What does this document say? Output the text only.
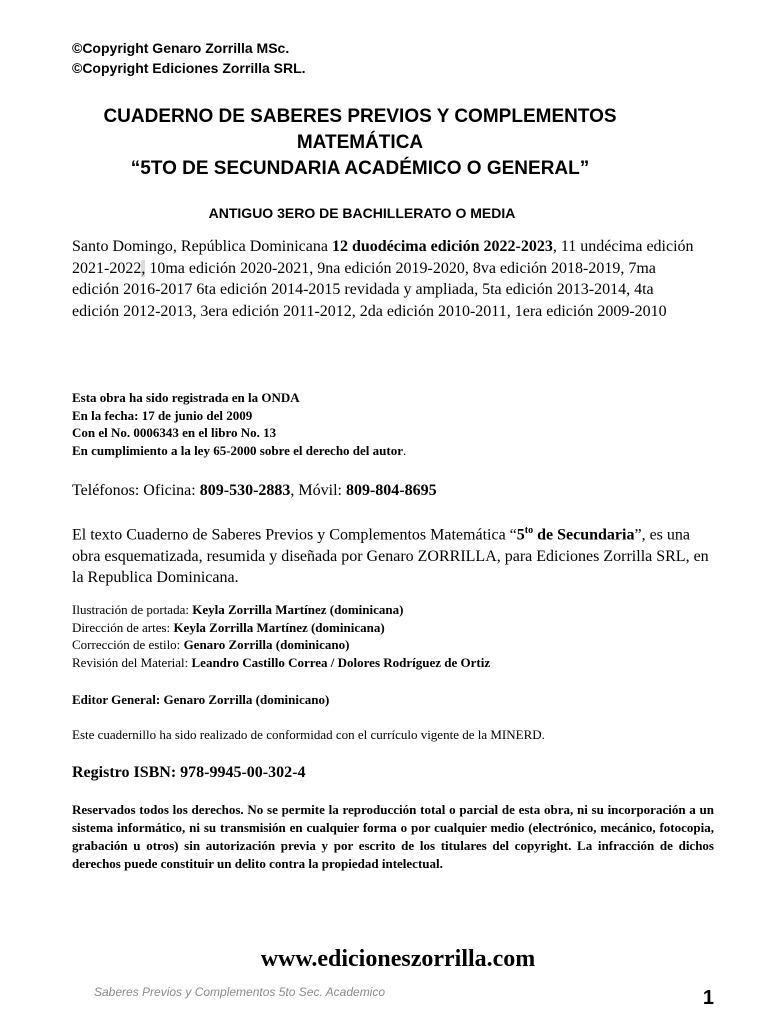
©Copyright Genaro Zorrilla MSc.
©Copyright Ediciones Zorrilla SRL.
CUADERNO DE SABERES PREVIOS Y COMPLEMENTOS
MATEMÁTICA
“5TO DE SECUNDARIA ACADÉMICO O GENERAL”
ANTIGUO 3ERO DE BACHILLERATO O MEDIA
Santo Domingo, República Dominicana 12 duodécima edición 2022-2023, 11 undécima edición 2021-2022, 10ma edición 2020-2021, 9na edición 2019-2020, 8va edición 2018-2019, 7ma edición 2016-2017 6ta edición 2014-2015 revidada y ampliada, 5ta edición 2013-2014, 4ta edición 2012-2013, 3era edición 2011-2012, 2da edición 2010-2011, 1era edición 2009-2010
Esta obra ha sido registrada en la ONDA
En la fecha: 17 de junio del 2009
Con el No. 0006343 en el libro No. 13
En cumplimiento a la ley 65-2000 sobre el derecho del autor.
Teléfonos: Oficina: 809-530-2883, Móvil: 809-804-8695
El texto Cuaderno de Saberes Previos y Complementos Matemática “$5^{to}$ de Secundaria”, es una obra esquematizada, resumida y diseñada por Genaro ZORRILLA, para Ediciones Zorrilla SRL, en la Republica Dominicana.
Ilustración de portada: Keyla Zorrilla Martínez (dominicana)
Dirección de artes: Keyla Zorrilla Martínez (dominicana)
Corrección de estilo: Genaro Zorrilla (dominicano)
Revisión del Material: Leandro Castillo Correa / Dolores Rodríguez de Ortiz
Editor General: Genaro Zorrilla (dominicano)
Este cuadernillo ha sido realizado de conformidad con el currículo vigente de la MINERD.
Registro ISBN: 978-9945-00-302-4
Reservados todos los derechos. No se permite la reproducción total o parcial de esta obra, ni su incorporación a un sistema informático, ni su transmisión en cualquier forma o por cualquier medio (electrónico, mecánico, fotocopia, grabación u otros) sin autorización previa y por escrito de los titulares del copyright. La infracción de dichos derechos puede constituir un delito contra la propiedad intelectual.
www.edicioneszorrilla.com
Saberes Previos y Complementos 5to Sec. Academico	1
